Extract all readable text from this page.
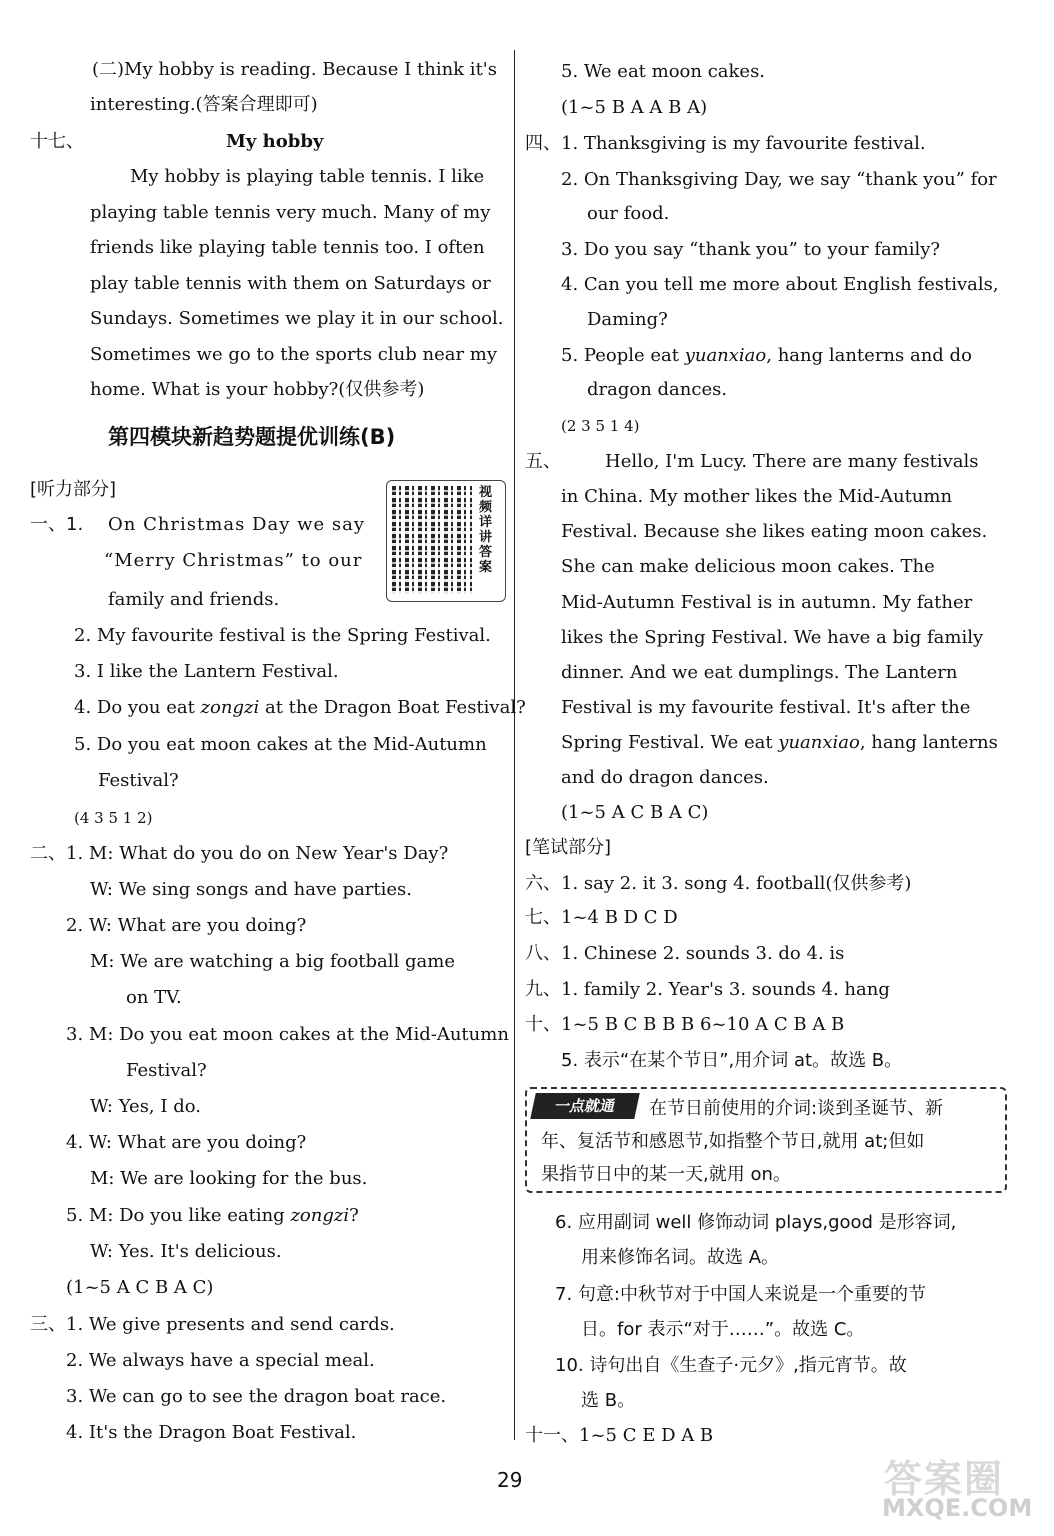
(二)My hobby is reading. Because I think it's
interesting.(答案合理即可)
十七、	My hobby
My hobby is playing table tennis. I like
playing table tennis very much. Many of my
friends like playing table tennis too. I often
play table tennis with them on Saturdays or
Sundays. Sometimes we play it in our school.
Sometimes we go to the sports club near my
home. What is your hobby?(仅供参考)
第四模块新趋势题提优训练(B)
[听力部分]	视频详讲答案
一、1. On Christmas Day we say
“Merry Christmas” to our
family and friends.
2. My favourite festival is the Spring Festival.
3. I like the Lantern Festival.
4. Do you eat zongzi at the Dragon Boat Festival?
5. Do you eat moon cakes at the Mid-Autumn
Festival?
(4 3 5 1 2)
二、1. M: What do you do on New Year's Day?
W: We sing songs and have parties.
2. W: What are you doing?
M: We are watching a big football game
on TV.
3. M: Do you eat moon cakes at the Mid-Autumn
Festival?
W: Yes, I do.
4. W: What are you doing?
M: We are looking for the bus.
5. M: Do you like eating zongzi?
W: Yes. It's delicious.
(1~5 A C B A C)
三、1. We give presents and send cards.
2. We always have a special meal.
3. We can go to see the dragon boat race.
4. It's the Dragon Boat Festival.
5. We eat moon cakes.
(1~5 B A A B A)
四、1. Thanksgiving is my favourite festival.
2. On Thanksgiving Day, we say “thank you” for
our food.
3. Do you say “thank you” to your family?
4. Can you tell me more about English festivals,
Daming?
5. People eat yuanxiao, hang lanterns and do
dragon dances.
(2 3 5 1 4)
五、 Hello, I'm Lucy. There are many festivals
in China. My mother likes the Mid-Autumn
Festival. Because she likes eating moon cakes.
She can make delicious moon cakes. The
Mid-Autumn Festival is in autumn. My father
likes the Spring Festival. We have a big family
dinner. And we eat dumplings. The Lantern
Festival is my favourite festival. It's after the
Spring Festival. We eat yuanxiao, hang lanterns
and do dragon dances.
(1~5 A C B A C)
[笔试部分]
六、1. say 2. it 3. song 4. football(仅供参考)
七、1~4 B D C D
八、1. Chinese 2. sounds 3. do 4. is
九、1. family 2. Year's 3. sounds 4. hang
十、1~5 B C B B B 6~10 A C B A B
5. 表示“在某个节日”,用介词 at。故选 B。
一点就通	在节日前使用的介词:谈到圣诞节、新
年、复活节和感恩节,如指整个节日,就用 at;但如
果指节日中的某一天,就用 on。
6. 应用副词 well 修饰动词 plays,good 是形容词,
用来修饰名词。故选 A。
7. 句意:中秋节对于中国人来说是一个重要的节
日。for 表示“对于……”。故选 C。
10. 诗句出自《生查子·元夕》,指元宵节。故
选 B。
十一、1~5 C E D A B
29	答案圈
MXQE.COM
